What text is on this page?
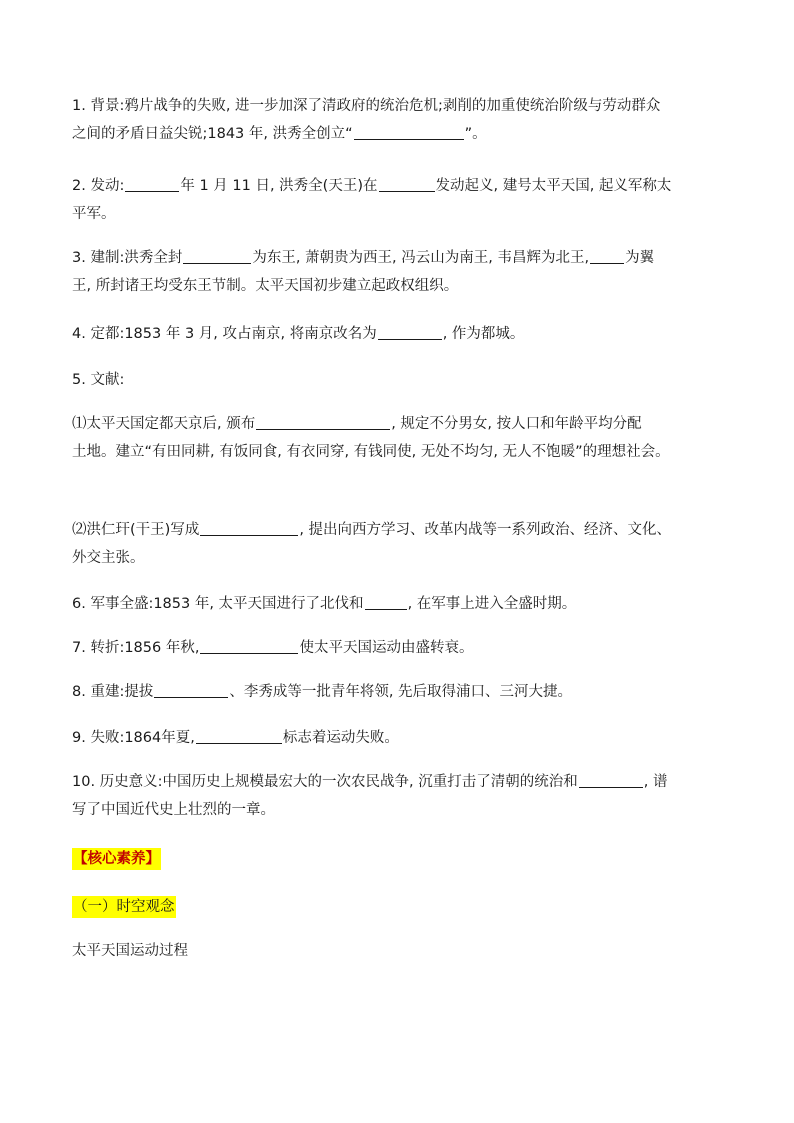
1. 背景:鸦片战争的失败, 进一步加深了清政府的统治危机;剥削的加重使统治阶级与劳动群众
之间的矛盾日益尖锐;1843 年, 洪秀全创立“	”。
2. 发动:	年 1 月 11 日, 洪秀全(天王)在	发动起义, 建号太平天国, 起义军称太
平军。
3. 建制:洪秀全封	为东王, 萧朝贵为西王, 冯云山为南王, 韦昌辉为北王, 为翼
王, 所封诸王均受东王节制。太平天国初步建立起政权组织。
4. 定都:1853 年 3 月, 攻占南京, 将南京改名为	, 作为都城。
5. 文献:
⑴太平天国定都天京后, 颁布	, 规定不分男女, 按人口和年龄平均分配
土地。建立“有田同耕, 有饭同食, 有衣同穿, 有钱同使, 无处不均匀, 无人不饱暖”的理想社会。
⑵洪仁玕(干王)写成	, 提出向西方学习、改革内战等一系列政治、经济、文化、
外交主张。
6. 军事全盛:1853 年, 太平天国进行了北伐和	, 在军事上进入全盛时期。
7. 转折:1856 年秋,	使太平天国运动由盛转衰。
8. 重建:提拔	、李秀成等一批青年将领, 先后取得浦口、三河大捷。
9. 失败:1864年夏,	标志着运动失败。
10. 历史意义:中国历史上规模最宏大的一次农民战争, 沉重打击了清朝的统治和	, 谱
写了中国近代史上壮烈的一章。
【核心素养】
（一）时空观念
太平天国运动过程
